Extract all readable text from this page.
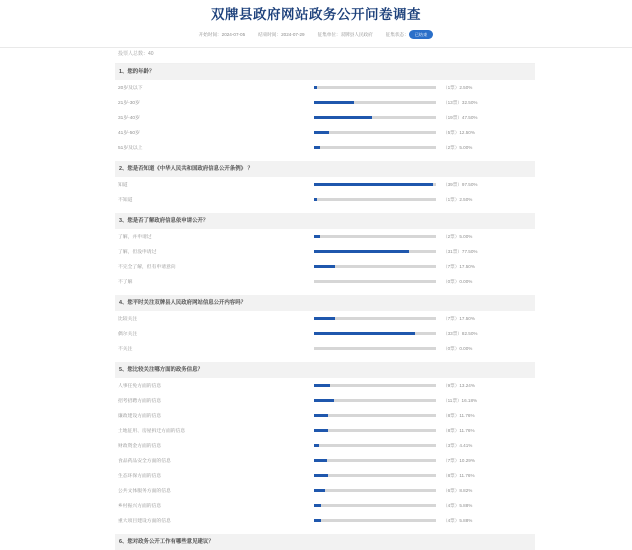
双牌县政府网站政务公开问卷调查
开始时间：2024-07-05	结束时间：2024-07-29	征集单位：双牌县人民政府	征集状态： 已结束
投票人总数：40
1、您的年龄？
20岁及以下	（1票）2.50%
21岁-30岁	（13票）32.50%
31岁-40岁	（19票）47.50%
41岁-50岁	（5票）12.50%
51岁及以上	（2票）5.00%
2、您是否知道《中华人民共和国政府信息公开条例》 ？
知道	（39票）97.50%
不知道	（1票）2.50%
3、您是否了解政府信息依申请公开？
了解，并申请过	（2票）5.00%
了解，但没申请过	（31票）77.50%
不完全了解，但有申请意向	（7票）17.50%
不了解	（0票）0.00%
4、您平时关注双牌县人民政府网站信息公开内容吗？
比较关注	（7票）17.50%
偶尔关注	（33票）82.50%
不关注	（0票）0.00%
5、您比较关注哪方面的政务信息？
人事任免方面的信息	（9票）13.24%
招考招聘方面的信息	（11票）16.18%
廉政建设方面的信息	（8票）11.76%
土地征用、房屋拆迁方面的信息	（8票）11.76%
财政资金方面的信息	（3票）4.41%
食品药品安全方面的信息	（7票）10.29%
生态环保方面的信息	（8票）11.76%
公共文体服务方面的信息	（6票）8.82%
乡村振兴方面的信息	（4票）5.88%
重大项目建设方面的信息	（4票）5.88%
6、您对政务公开工作有哪些意见建议？
